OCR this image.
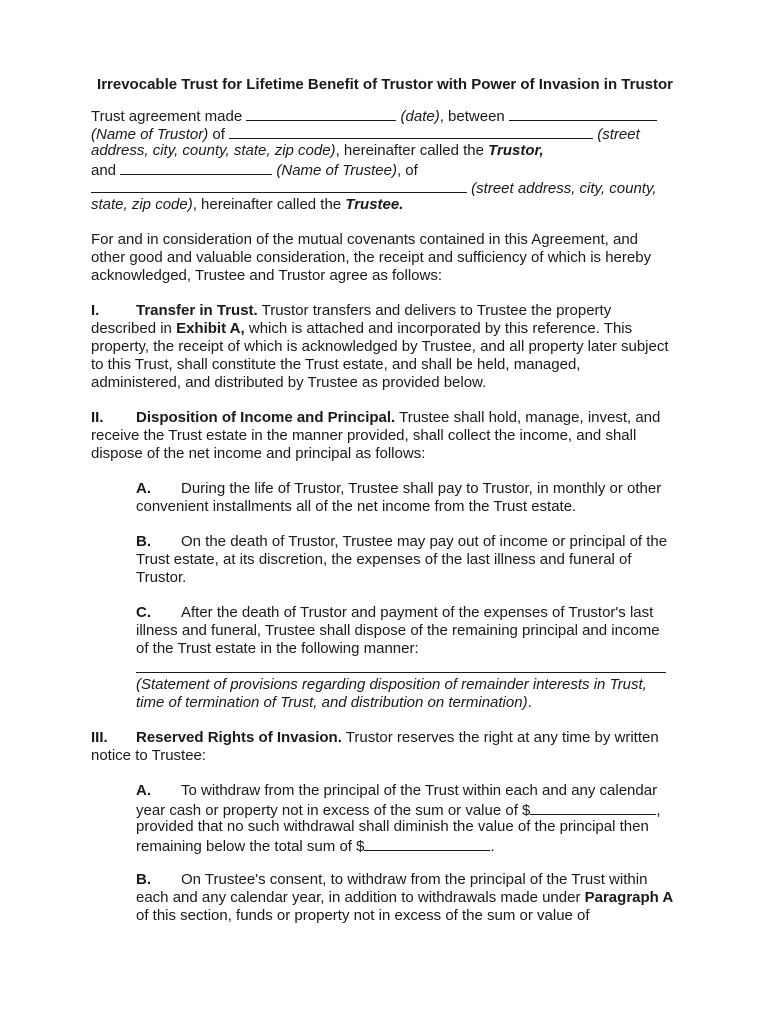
Irrevocable Trust for Lifetime Benefit of Trustor with Power of Invasion in Trustor
Trust agreement made	(date), between
(Name of Trustor) of	(street
address, city, county, state, zip code), hereinafter called the Trustor,
and	(Name of Trustee), of
(street address, city, county,
state, zip code), hereinafter called the Trustee.
For and in consideration of the mutual covenants contained in this Agreement, and
other good and valuable consideration, the receipt and sufficiency of which is hereby
acknowledged, Trustee and Trustor agree as follows:
I. Transfer in Trust. Trustor transfers and delivers to Trustee the property
described in Exhibit A, which is attached and incorporated by this reference. This
property, the receipt of which is acknowledged by Trustee, and all property later subject
to this Trust, shall constitute the Trust estate, and shall be held, managed,
administered, and distributed by Trustee as provided below.
II. Disposition of Income and Principal. Trustee shall hold, manage, invest, and
receive the Trust estate in the manner provided, shall collect the income, and shall
dispose of the net income and principal as follows:
A. During the life of Trustor, Trustee shall pay to Trustor, in monthly or other
convenient installments all of the net income from the Trust estate.
B. On the death of Trustor, Trustee may pay out of income or principal of the
Trust estate, at its discretion, the expenses of the last illness and funeral of
Trustor.
C. After the death of Trustor and payment of the expenses of Trustor's last
illness and funeral, Trustee shall dispose of the remaining principal and income
of the Trust estate in the following manner:
(Statement of provisions regarding disposition of remainder interests in Trust,
time of termination of Trust, and distribution on termination).
III. Reserved Rights of Invasion. Trustor reserves the right at any time by written
notice to Trustee:
A. To withdraw from the principal of the Trust within each and any calendar
year cash or property not in excess of the sum or value of $	,
provided that no such withdrawal shall diminish the value of the principal then
remaining below the total sum of $	.
B. On Trustee's consent, to withdraw from the principal of the Trust within
each and any calendar year, in addition to withdrawals made under Paragraph A
of this section, funds or property not in excess of the sum or value of
